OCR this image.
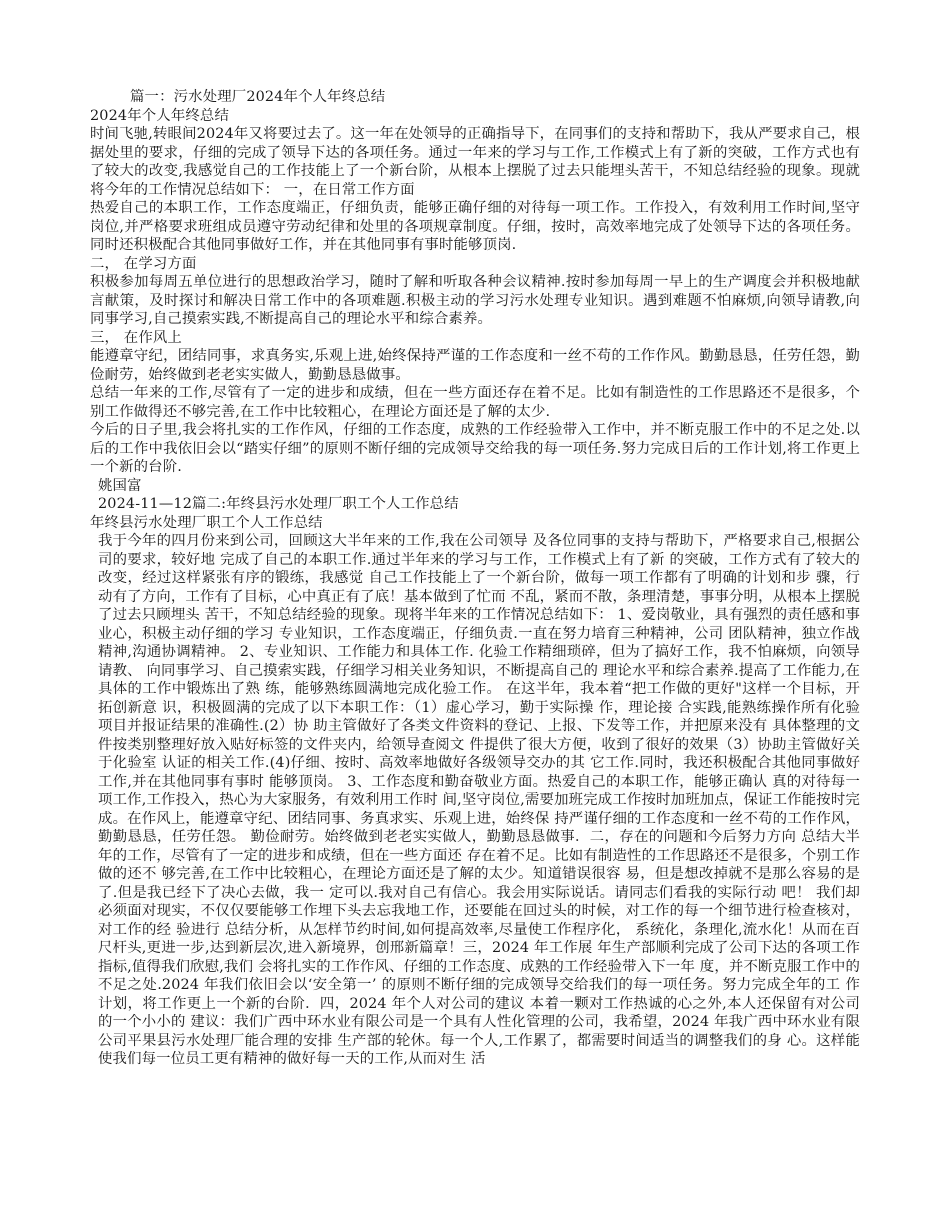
篇一：污水处理厂2024年个人年终总结

2024年个人年终总结

时间飞驰,转眼间2024年又将要过去了。这一年在处领导的正确指导下，在同事们的支持和帮助下，我从严要求自己，根据处里的要求，仔细的完成了领导下达的各项任务。通过一年来的学习与工作,工作模式上有了新的突破，工作方式也有了较大的改变,我感觉自己的工作技能上了一个新台阶，从根本上摆脱了过去只能埋头苦干，不知总结经验的现象。现就将今年的工作情况总结如下： 一，在日常工作方面

热爱自己的本职工作，工作态度端正，仔细负责，能够正确仔细的对待每一项工作。工作投入，有效利用工作时间,坚守岗位,并严格要求班组成员遵守劳动纪律和处里的各项规章制度。仔细，按时，高效率地完成了处领导下达的各项任务。同时还积极配合其他同事做好工作，并在其他同事有事时能够顶岗.

二， 在学习方面

积极参加每周五单位进行的思想政治学习，随时了解和听取各种会议精神.按时参加每周一早上的生产调度会并积极地献言献策，及时探讨和解决日常工作中的各项难题.积极主动的学习污水处理专业知识。遇到难题不怕麻烦,向领导请教,向同事学习,自己摸索实践,不断提高自己的理论水平和综合素养。

三， 在作风上

能遵章守纪，团结同事，求真务实,乐观上进,始终保持严谨的工作态度和一丝不苟的工作作风。勤勤恳恳，任劳任怨，勤俭耐劳，始终做到老老实实做人，勤勤恳恳做事。

总结一年来的工作,尽管有了一定的进步和成绩，但在一些方面还存在着不足。比如有制造性的工作思路还不是很多，个别工作做得还不够完善,在工作中比较粗心，在理论方面还是了解的太少.

今后的日子里,我会将扎实的工作作风，仔细的工作态度，成熟的工作经验带入工作中，并不断克服工作中的不足之处.以后的工作中我依旧会以“踏实仔细”的原则不断仔细的完成领导交给我的每一项任务.努力完成日后的工作计划,将工作更上一个新的台阶.

姚国富

2024-11—12篇二:年终县污水处理厂职工个人工作总结

年终县污水处理厂职工个人工作总结

我于今年的四月份来到公司，回顾这大半年来的工作,我在公司领导 及各位同事的支持与帮助下，严格要求自己,根据公司的要求，较好地 完成了自己的本职工作.通过半年来的学习与工作，工作模式上有了新 的突破，工作方式有了较大的改变，经过这样紧张有序的锻练，我感觉 自己工作技能上了一个新台阶，做每一项工作都有了明确的计划和步 骤，行动有了方向，工作有了目标，心中真正有了底！基本做到了忙而 不乱，紧而不散，条理清楚，事事分明，从根本上摆脱了过去只顾埋头 苦干，不知总结经验的现象。现将半年来的工作情况总结如下： 1、爱岗敬业，具有强烈的责任感和事业心，积极主动仔细的学习 专业知识，工作态度端正，仔细负责.一直在努力培育三种精神，公司 团队精神，独立作战精神,沟通协调精神。 2、专业知识、工作能力和具体工作. 化验工作精细琐碎，但为了搞好工作，我不怕麻烦，向领导请教、 向同事学习、自己摸索实践，仔细学习相关业务知识，不断提高自己的 理论水平和综合素养.提高了工作能力,在具体的工作中锻炼出了熟 练，能够熟练圆满地完成化验工作。 在这半年，我本着“把工作做的更好"这样一个目标，开拓创新意 识，积极圆满的完成了以下本职工作：（1）虚心学习，勤于实际操 作，理论接 合实践,能熟练操作所有化验项目并报证结果的准确性.(2）协 助主管做好了各类文件资料的登记、上报、下发等工作，并把原来没有 具体整理的文件按类别整理好放入贴好标签的文件夹内，给领导查阅文 件提供了很大方便，收到了很好的效果（3）协助主管做好关于化验室 认证的相关工作.(4)仔细、按时、高效率地做好各级领导交办的其 它工作.同时，我还积极配合其他同事做好工作,并在其他同事有事时 能够顶岗。 3、工作态度和勤奋敬业方面。热爱自己的本职工作，能够正确认 真的对待每一项工作,工作投入，热心为大家服务，有效利用工作时 间,坚守岗位,需要加班完成工作按时加班加点，保证工作能按时完 成。在作风上，能遵章守纪、团结同事、务真求实、乐观上进，始终保 持严谨仔细的工作态度和一丝不苟的工作作风，勤勤恳恳，任劳任怨。 勤俭耐劳。始终做到老老实实做人，勤勤恳恳做事．二，存在的问题和今后努力方向 总结大半年的工作，尽管有了一定的进步和成绩，但在一些方面还 存在着不足。比如有制造性的工作思路还不是很多，个别工作做的还不 够完善,在工作中比较粗心，在理论方面还是了解的太少。知道错误很容 易，但是想改掉就不是那么容易的是了.但是我已经下了决心去做，我一 定可以.我对自己有信心。我会用实际说话。请同志们看我的实际行动 吧！ 我们却必须面对现实，不仅仅要能够工作埋下头去忘我地工作，还要能在回过头的时候，对工作的每一个细节进行检查核对，对工作的经 验进行 总结分析，从怎样节约时间,如何提高效率,尽量使工作程序化， 系统化，条理化,流水化！从而在百尺杆头,更进一步,达到新层次,进入新境界，创邢新篇章！三，2024 年工作展 年生产部顺利完成了公司下达的各项工作指标,值得我们欣慰,我们 会将扎实的工作作风、仔细的工作态度、成熟的工作经验带入下一年 度，并不断克服工作中的不足之处.2024 年我们依旧会以‘安全第一’ 的原则不断仔细的完成领导交给我们的每一项任务。努力完成全年的工 作计划，将工作更上一个新的台阶．四，2024 年个人对公司的建议 本着一颗对工作热诚的心之外,本人还保留有对公司的一个小小的 建议：我们广西中环水业有限公司是一个具有人性化管理的公司，我希望，2024 年我广西中环水业有限公司平果县污水处理厂能合理的安排 生产部的轮休。每一个人,工作累了，都需要时间适当的调整我们的身 心。这样能使我们每一位员工更有精神的做好每一天的工作,从而对生 活
